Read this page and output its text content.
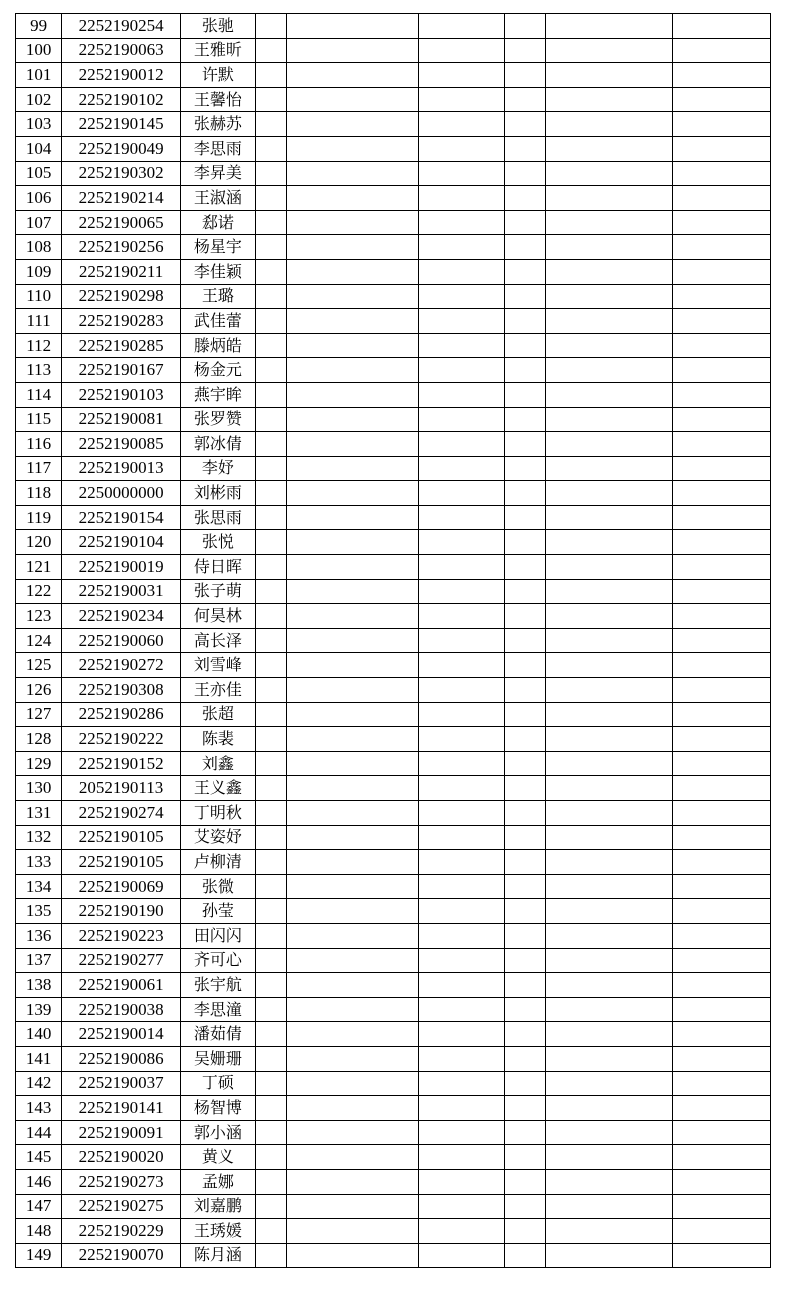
99	2252190254	张驰						
100	2252190063	王雅昕						
101	2252190012	许默						
102	2252190102	王馨怡						
103	2252190145	张赫苏						
104	2252190049	李思雨						
105	2252190302	李昇美						
106	2252190214	王淑涵						
107	2252190065	郄诺						
108	2252190256	杨星宇						
109	2252190211	李佳颖						
110	2252190298	王璐						
111	2252190283	武佳蕾						
112	2252190285	滕炳皓						
113	2252190167	杨金元						
114	2252190103	燕宇眸						
115	2252190081	张罗赞						
116	2252190085	郭冰倩						
117	2252190013	李妤						
118	2250000000	刘彬雨						
119	2252190154	张思雨						
120	2252190104	张悦						
121	2252190019	侍日晖						
122	2252190031	张子萌						
123	2252190234	何昊林						
124	2252190060	高长泽						
125	2252190272	刘雪峰						
126	2252190308	王亦佳						
127	2252190286	张超						
128	2252190222	陈裴						
129	2252190152	刘鑫						
130	2052190113	王义鑫						
131	2252190274	丁明秋						
132	2252190105	艾姿妤						
133	2252190105	卢柳清						
134	2252190069	张微						
135	2252190190	孙莹						
136	2252190223	田闪闪						
137	2252190277	齐可心						
138	2252190061	张宇航						
139	2252190038	李思潼						
140	2252190014	潘茹倩						
141	2252190086	吴姗珊						
142	2252190037	丁硕						
143	2252190141	杨智博						
144	2252190091	郭小涵						
145	2252190020	黄义						
146	2252190273	孟娜						
147	2252190275	刘嘉鹏						
148	2252190229	王琇媛						
149	2252190070	陈月涵						
